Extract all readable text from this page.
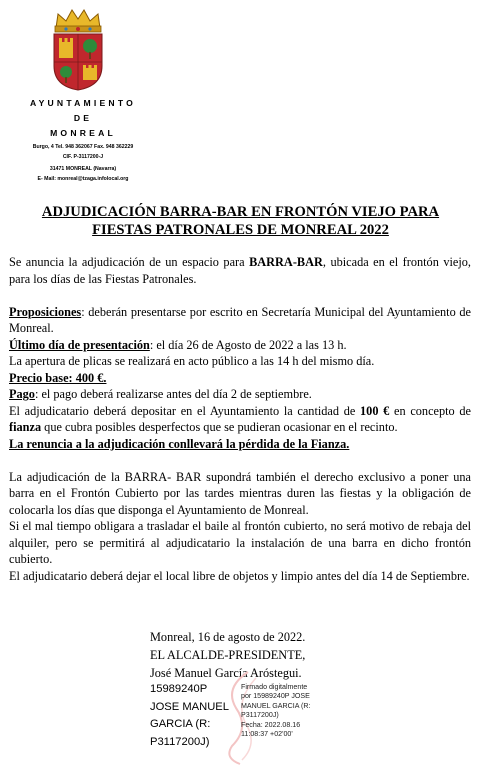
AYUNTAMIENTO
DE
MONREAL
Burgo, 4 Tel. 948 362067 Fax. 948 362229
CIF. P-3117200-J
31471 MONREAL (Navarra)
E- Mail: monreal@tzaga.infolocal.org
ADJUDICACIÓN BARRA-BAR EN FRONTÓN VIEJO PARA
FIESTAS PATRONALES DE MONREAL 2022

Se anuncia la adjudicación de un espacio para BARRA-BAR, ubicada en el frontón viejo, para los días de las Fiestas Patronales.

Proposiciones: deberán presentarse por escrito en Secretaría Municipal del Ayuntamiento de Monreal.

Último día de presentación: el día 26 de Agosto de 2022 a las 13 h.

La apertura de plicas se realizará en acto público a las 14 h del mismo día.

Precio base: 400 €.

Pago: el pago deberá realizarse antes del día 2 de septiembre.

El adjudicatario deberá depositar en el Ayuntamiento la cantidad de 100 € en concepto de fianza que cubra posibles desperfectos que se pudieran ocasionar en el recinto.

La renuncia a la adjudicación conllevará la pérdida de la Fianza.

La adjudicación de la BARRA- BAR supondrá también el derecho exclusivo a poner una barra en el Frontón Cubierto por las tardes mientras duren las fiestas y la obligación de colocarla los días que disponga el Ayuntamiento de Monreal.

Si el mal tiempo obligara a trasladar el baile al frontón cubierto, no será motivo de rebaja del alquiler, pero se permitirá al adjudicatario la instalación de una barra en dicho frontón cubierto.

El adjudicatario deberá dejar el local libre de objetos y limpio antes del día 14 de Septiembre.

Monreal, 16 de agosto de 2022.
EL ALCALDE-PRESIDENTE,
José Manuel García Aróstegui.
15989240P
JOSE MANUEL
GARCIA (R:
P3117200J)
Firmado digitalmente
por 15989240P JOSE
MANUEL GARCIA (R:
P3117200J)
Fecha: 2022.08.16
11:08:37 +02'00'
